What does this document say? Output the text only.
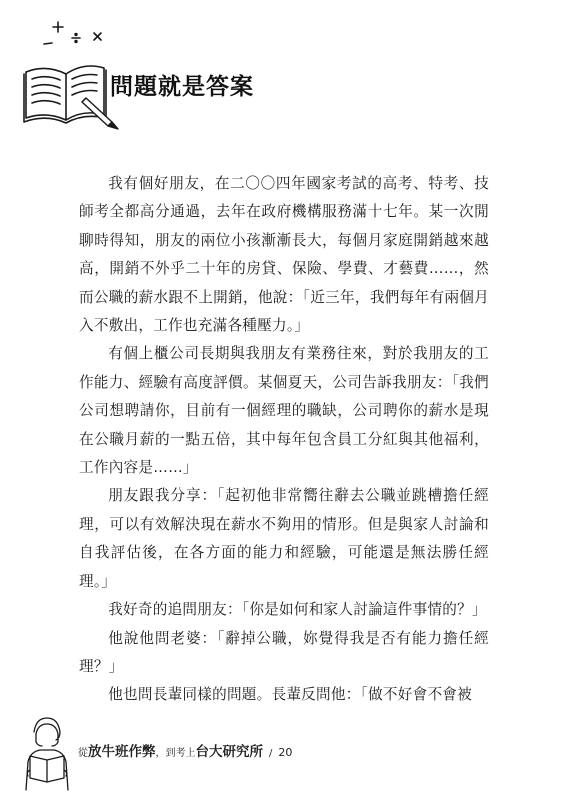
問題就是答案

我有個好朋友，在二〇〇四年國家考試的高考、特考、技師考全都高分通過，去年在政府機構服務滿十七年。某一次閒聊時得知，朋友的兩位小孩漸漸長大，每個月家庭開銷越來越高，開銷不外乎二十年的房貸、保險、學費、才藝費……，然而公職的薪水跟不上開銷，他說：「近三年，我們每年有兩個月入不敷出，工作也充滿各種壓力。」

有個上櫃公司長期與我朋友有業務往來，對於我朋友的工作能力、經驗有高度評價。某個夏天，公司告訴我朋友：「我們公司想聘請你，目前有一個經理的職缺，公司聘你的薪水是現在公職月薪的一點五倍，其中每年包含員工分紅與其他福利，工作內容是……」

朋友跟我分享：「起初他非常嚮往辭去公職並跳槽擔任經理，可以有效解決現在薪水不夠用的情形。但是與家人討論和自我評估後，在各方面的能力和經驗，可能還是無法勝任經理。」

我好奇的追問朋友：「你是如何和家人討論這件事情的？」

他說他問老婆：「辭掉公職，妳覺得我是否有能力擔任經理？」

他也問長輩同樣的問題。長輩反問他：「做不好會不會被

從放牛班作弊，到考上台大研究所 / 20
